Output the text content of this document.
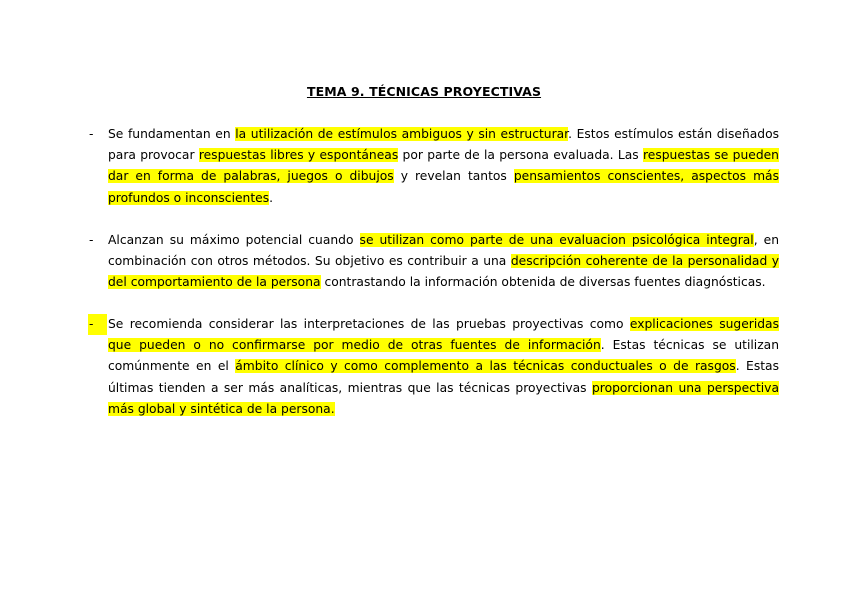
TEMA 9. TÉCNICAS PROYECTIVAS
-	Se fundamentan en la utilización de estímulos ambiguos y sin estructurar. Estos estímulos están diseñados para provocar respuestas libres y espontáneas por parte de la persona evaluada. Las respuestas se pueden dar en forma de palabras, juegos o dibujos y revelan tantos pensamientos conscientes, aspectos más profundos o inconscientes.
-	Alcanzan su máximo potencial cuando se utilizan como parte de una evaluacion psicológica integral, en combinación con otros métodos. Su objetivo es contribuir a una descripción coherente de la personalidad y del comportamiento de la persona contrastando la información obtenida de diversas fuentes diagnósticas.
-	Se recomienda considerar las interpretaciones de las pruebas proyectivas como explicaciones sugeridas que pueden o no confirmarse por medio de otras fuentes de información. Estas técnicas se utilizan comúnmente en el ámbito clínico y como complemento a las técnicas conductuales o de rasgos. Estas últimas tienden a ser más analíticas, mientras que las técnicas proyectivas proporcionan una perspectiva más global y sintética de la persona.
